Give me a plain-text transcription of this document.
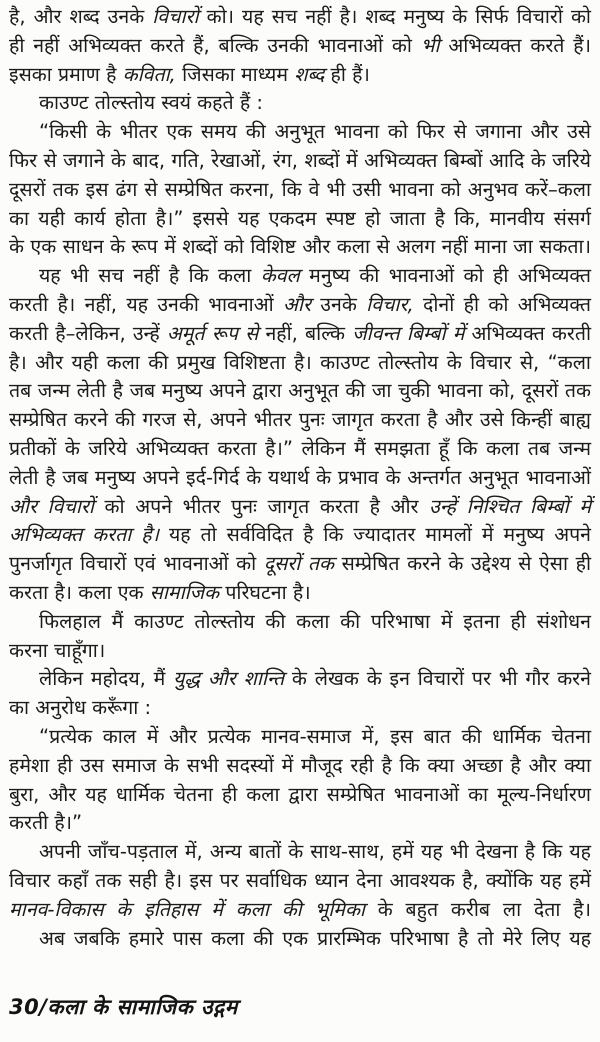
है, और शब्द उनके विचारों को। यह सच नहीं है। शब्द मनुष्य के सिर्फ विचारों को
ही नहीं अभिव्यक्त करते हैं, बल्कि उनकी भावनाओं को भी अभिव्यक्त करते हैं।
इसका प्रमाण है कविता, जिसका माध्यम शब्द ही हैं।
काउण्ट तोल्स्तोय स्वयं कहते हैं :
“किसी के भीतर एक समय की अनुभूत भावना को फिर से जगाना और उसे
फिर से जगाने के बाद, गति, रेखाओं, रंग, शब्दों में अभिव्यक्त बिम्बों आदि के जरिये
दूसरों तक इस ढंग से सम्प्रेषित करना, कि वे भी उसी भावना को अनुभव करें–कला
का यही कार्य होता है।” इससे यह एकदम स्पष्ट हो जाता है कि, मानवीय संसर्ग
के एक साधन के रूप में शब्दों को विशिष्ट और कला से अलग नहीं माना जा सकता।
यह भी सच नहीं है कि कला केवल मनुष्य की भावनाओं को ही अभिव्यक्त
करती है। नहीं, यह उनकी भावनाओं और उनके विचार, दोनों ही को अभिव्यक्त
करती है–लेकिन, उन्हें अमूर्त रूप से नहीं, बल्कि जीवन्त बिम्बों में अभिव्यक्त करती
है। और यही कला की प्रमुख विशिष्टता है। काउण्ट तोल्स्तोय के विचार से, “कला
तब जन्म लेती है जब मनुष्य अपने द्वारा अनुभूत की जा चुकी भावना को, दूसरों तक
सम्प्रेषित करने की गरज से, अपने भीतर पुनः जागृत करता है और उसे किन्हीं बाह्य
प्रतीकों के जरिये अभिव्यक्त करता है।” लेकिन मैं समझता हूँ कि कला तब जन्म
लेती है जब मनुष्य अपने इर्द-गिर्द के यथार्थ के प्रभाव के अन्तर्गत अनुभूत भावनाओं
और विचारों को अपने भीतर पुनः जागृत करता है और उन्हें निश्चित बिम्बों में
अभिव्यक्त करता है। यह तो सर्वविदित है कि ज्यादातर मामलों में मनुष्य अपने
पुनर्जागृत विचारों एवं भावनाओं को दूसरों तक सम्प्रेषित करने के उद्देश्य से ऐसा ही
करता है। कला एक सामाजिक परिघटना है।
फिलहाल मैं काउण्ट तोल्स्तोय की कला की परिभाषा में इतना ही संशोधन
करना चाहूँगा।
लेकिन महोदय, मैं युद्ध और शान्ति के लेखक के इन विचारों पर भी गौर करने
का अनुरोध करूँगा :
“प्रत्येक काल में और प्रत्येक मानव-समाज में, इस बात की धार्मिक चेतना
हमेशा ही उस समाज के सभी सदस्यों में मौजूद रही है कि क्या अच्छा है और क्या
बुरा, और यह धार्मिक चेतना ही कला द्वारा सम्प्रेषित भावनाओं का मूल्य-निर्धारण
करती है।”
अपनी जाँच-पड़ताल में, अन्य बातों के साथ-साथ, हमें यह भी देखना है कि यह
विचार कहाँ तक सही है। इस पर सर्वाधिक ध्यान देना आवश्यक है, क्योंकि यह हमें
मानव-विकास के इतिहास में कला की भूमिका के बहुत करीब ला देता है।
अब जबकि हमारे पास कला की एक प्रारम्भिक परिभाषा है तो मेरे लिए यह
30/कला के सामाजिक उद्गम
